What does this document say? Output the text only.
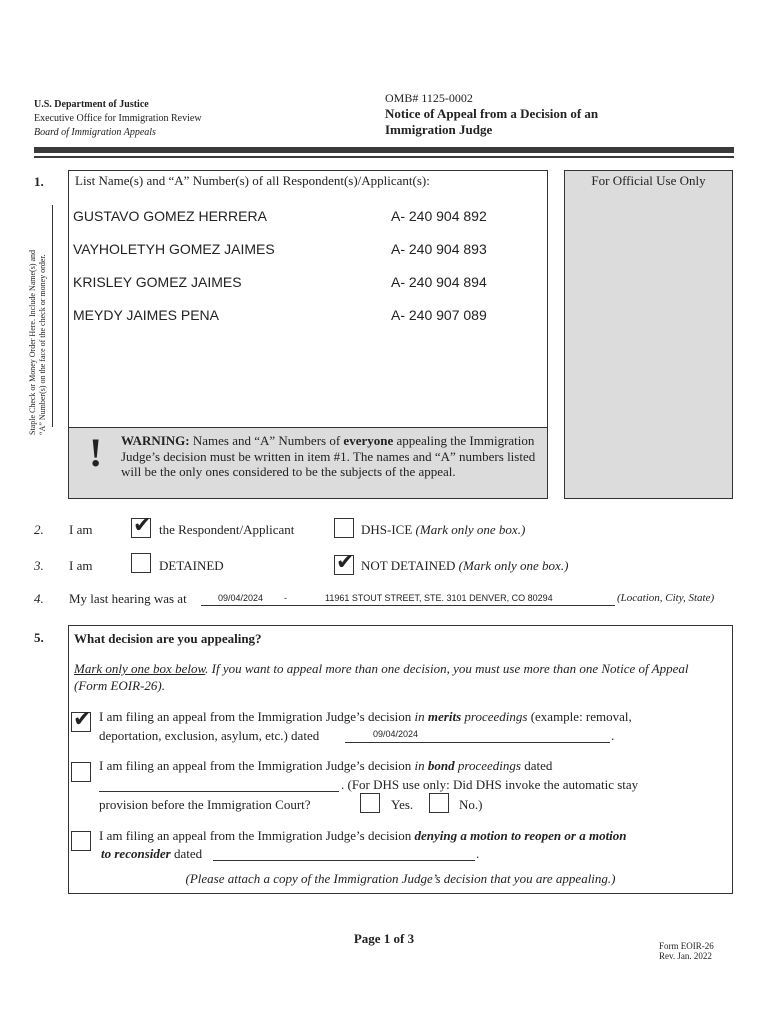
U.S. Department of Justice
Executive Office for Immigration Review
Board of Immigration Appeals
OMB# 1125-0002
Notice of Appeal from a Decision of an
Immigration Judge
Staple Check or Money Order Here. Include Name(s) and “A” Number(s) on the face of the check or money order.
1. List Name(s) and “A” Number(s) of all Respondent(s)/Applicant(s):
GUSTAVO GOMEZ HERRERA	A- 240 904 892
VAYHOLETYH GOMEZ JAIMES	A- 240 904 893
KRISLEY GOMEZ JAIMES	A- 240 904 894
MEYDY JAIMES PENA	A- 240 907 089
! WARNING: Names and “A” Numbers of everyone appealing the Immigration Judge’s decision must be written in item #1. The names and “A” numbers listed will be the only ones considered to be the subjects of the appeal.
For Official Use Only
2. I am ✔ the Respondent/Applicant	DHS-ICE (Mark only one box.)
3. I am	DETAINED	✔ NOT DETAINED (Mark only one box.)
4. My last hearing was at	09/04/2024 -	11961 STOUT STREET, STE. 3101 DENVER, CO 80294	(Location, City, State)
5. What decision are you appealing?
Mark only one box below. If you want to appeal more than one decision, you must use more than one Notice of Appeal (Form EOIR-26).
✔ I am filing an appeal from the Immigration Judge’s decision in merits proceedings (example: removal,
deportation, exclusion, asylum, etc.) dated	09/04/2024	.
I am filing an appeal from the Immigration Judge’s decision in bond proceedings dated
. (For DHS use only: Did DHS invoke the automatic stay
provision before the Immigration Court?	Yes.	No.)
I am filing an appeal from the Immigration Judge’s decision denying a motion to reopen or a motion
to reconsider dated	.
(Please attach a copy of the Immigration Judge’s decision that you are appealing.)
Page 1 of 3	Form EOIR-26
Rev. Jan. 2022
